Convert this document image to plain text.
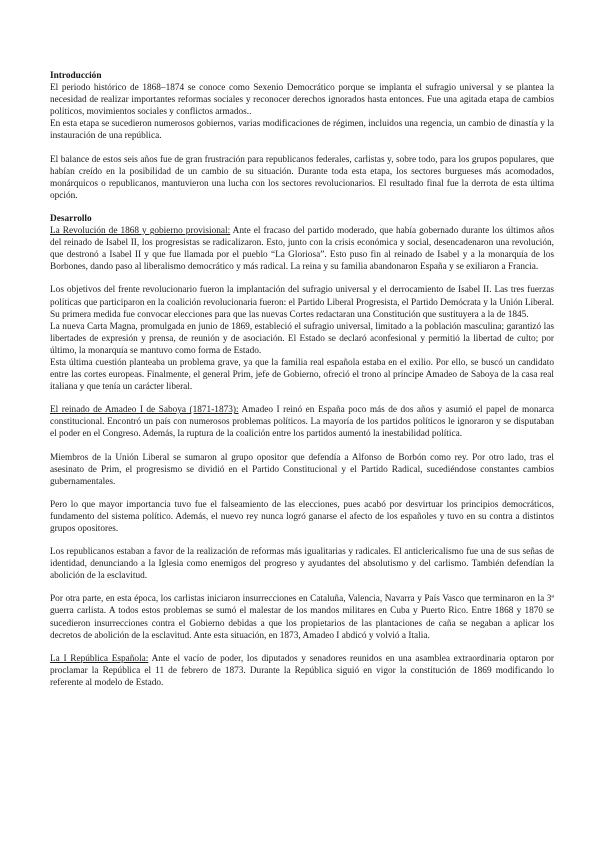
Introducción

El periodo histórico de 1868–1874 se conoce como Sexenio Democrático porque se implanta el sufragio universal y se plantea la necesidad de realizar importantes reformas sociales y reconocer derechos ignorados hasta entonces. Fue una agitada etapa de cambios políticos, movimientos sociales y conflictos armados..

En esta etapa se sucedieron numerosos gobiernos, varias modificaciones de régimen, incluidos una regencia, un cambio de dinastía y la instauración de una república.

El balance de estos seis años fue de gran frustración para republicanos federales, carlistas y, sobre todo, para los grupos populares, que habían creído en la posibilidad de un cambio de su situación. Durante toda esta etapa, los sectores burgueses más acomodados, monárquicos o republicanos, mantuvieron una lucha con los sectores revolucionarios. El resultado final fue la derrota de esta última opción.

Desarrollo

La Revolución de 1868 y gobierno provisional: Ante el fracaso del partido moderado, que había gobernado durante los últimos años del reinado de Isabel II, los progresistas se radicalizaron. Esto, junto con la crisis económica y social, desencadenaron una revolución, que destronó a Isabel II y que fue llamada por el pueblo “La Gloriosa”. Esto puso fin al reinado de Isabel y a la monarquía de los Borbones, dando paso al liberalismo democrático y más radical. La reina y su familia abandonaron España y se exiliaron a Francia.

Los objetivos del frente revolucionario fueron la implantación del sufragio universal y el derrocamiento de Isabel II. Las tres fuerzas políticas que participaron en la coalición revolucionaria fueron: el Partido Liberal Progresista, el Partido Demócrata y la Unión Liberal. Su primera medida fue convocar elecciones para que las nuevas Cortes redactaran una Constitución que sustituyera a la de 1845.

La nueva Carta Magna, promulgada en junio de 1869, estableció el sufragio universal, limitado a la población masculina; garantizó las libertades de expresión y prensa, de reunión y de asociación. El Estado se declaró aconfesional y permitió la libertad de culto; por último, la monarquía se mantuvo como forma de Estado.

Esta última cuestión planteaba un problema grave, ya que la familia real española estaba en el exilio. Por ello, se buscó un candidato entre las cortes europeas. Finalmente, el general Prim, jefe de Gobierno, ofreció el trono al príncipe Amadeo de Saboya de la casa real italiana y que tenía un carácter liberal.

El reinado de Amadeo I de Saboya (1871-1873): Amadeo I reinó en España poco más de dos años y asumió el papel de monarca constitucional. Encontró un país con numerosos problemas políticos. La mayoría de los partidos políticos le ignoraron y se disputaban el poder en el Congreso. Además, la ruptura de la coalición entre los partidos aumentó la inestabilidad política.

Miembros de la Unión Liberal se sumaron al grupo opositor que defendía a Alfonso de Borbón como rey. Por otro lado, tras el asesinato de Prim, el progresismo se dividió en el Partido Constitucional y el Partido Radical, sucediéndose constantes cambios gubernamentales.

Pero lo que mayor importancia tuvo fue el falseamiento de las elecciones, pues acabó por desvirtuar los principios democráticos, fundamento del sistema político. Además, el nuevo rey nunca logró ganarse el afecto de los españoles y tuvo en su contra a distintos grupos opositores.

Los republicanos estaban a favor de la realización de reformas más igualitarias y radicales. El anticlericalismo fue una de sus señas de identidad, denunciando a la Iglesia como enemigos del progreso y ayudantes del absolutismo y del carlismo. También defendían la abolición de la esclavitud.

Por otra parte, en esta época, los carlistas iniciaron insurrecciones en Cataluña, Valencia, Navarra y País Vasco que terminaron en la 3ª guerra carlista. A todos estos problemas se sumó el malestar de los mandos militares en Cuba y Puerto Rico. Entre 1868 y 1870 se sucedieron insurrecciones contra el Gobierno debidas a que los propietarios de las plantaciones de caña se negaban a aplicar los decretos de abolición de la esclavitud. Ante esta situación, en 1873, Amadeo I abdicó y volvió a Italia.

La I República Española: Ante el vacío de poder, los diputados y senadores reunidos en una asamblea extraordinaria optaron por proclamar la República el 11 de febrero de 1873. Durante la República siguió en vigor la constitución de 1869 modificando lo referente al modelo de Estado.
